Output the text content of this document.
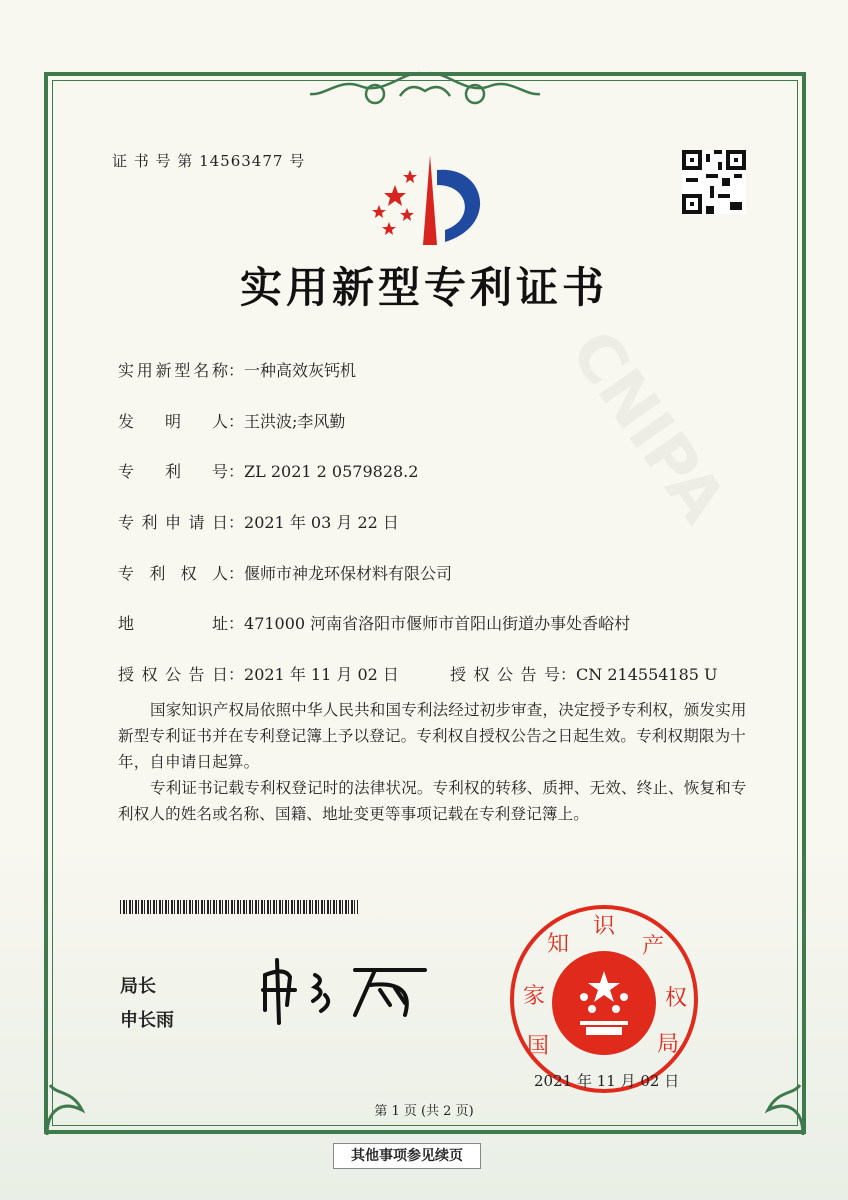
证 书 号 第 14563477 号
实用新型专利证书
实用新型名称：一种高效灰钙机
发明人：王洪波;李风勤
专利号：ZL 2021 2 0579828.2
专利申请日：2021 年 03 月 22 日
专利权人：偃师市神龙环保材料有限公司
地址：471000 河南省洛阳市偃师市首阳山街道办事处香峪村
授权公告日：2021 年 11 月 02 日	授权公告号：CN 214554185 U

国家知识产权局依照中华人民共和国专利法经过初步审查，决定授予专利权，颁发实用新型专利证书并在专利登记簿上予以登记。专利权自授权公告之日起生效。专利权期限为十年，自申请日起算。

专利证书记载专利权登记时的法律状况。专利权的转移、质押、无效、终止、恢复和专利权人的姓名或名称、国籍、地址变更等事项记载在专利登记簿上。

局长
申长雨
国
家
知
识
产
权
局
2021 年 11 月 02 日
第 1 页 (共 2 页)
其他事项参见续页
